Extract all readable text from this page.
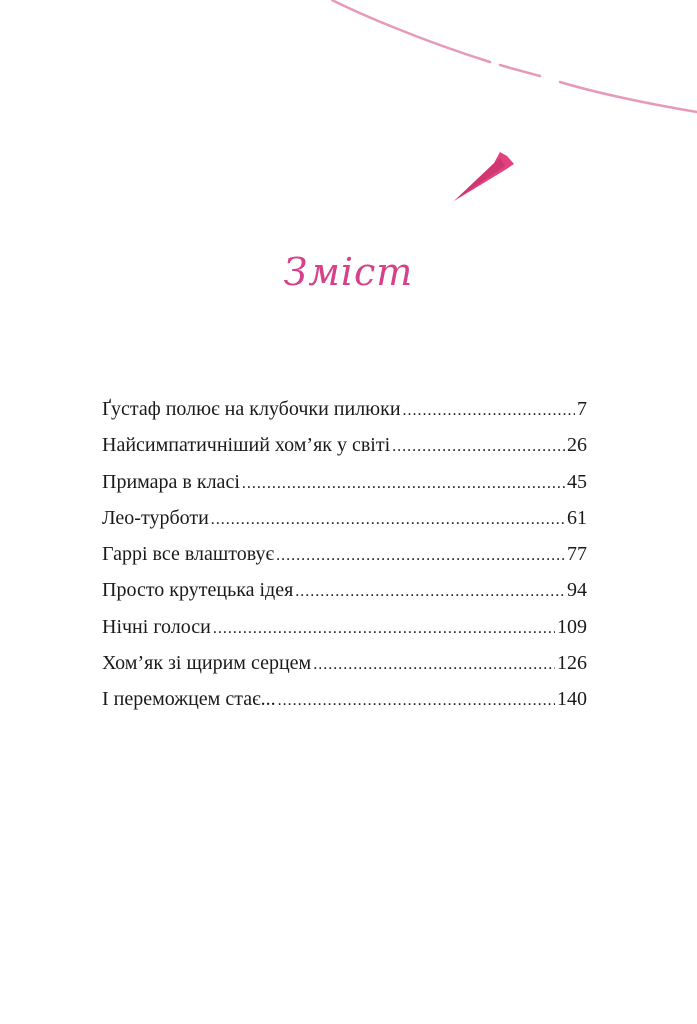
Зміст
Ґустаф полює на клубочки пилюки .....	7
Найсимпатичніший хом’як у світі .....	26
Примара в класі .....	45
Лео-турботи .....	61
Гаррі все влаштовує .....	77
Просто крутецька ідея .....	94
Нічні голоси .....	109
Хом’як зі щирим серцем .....	126
І переможцем стає... .....	140
